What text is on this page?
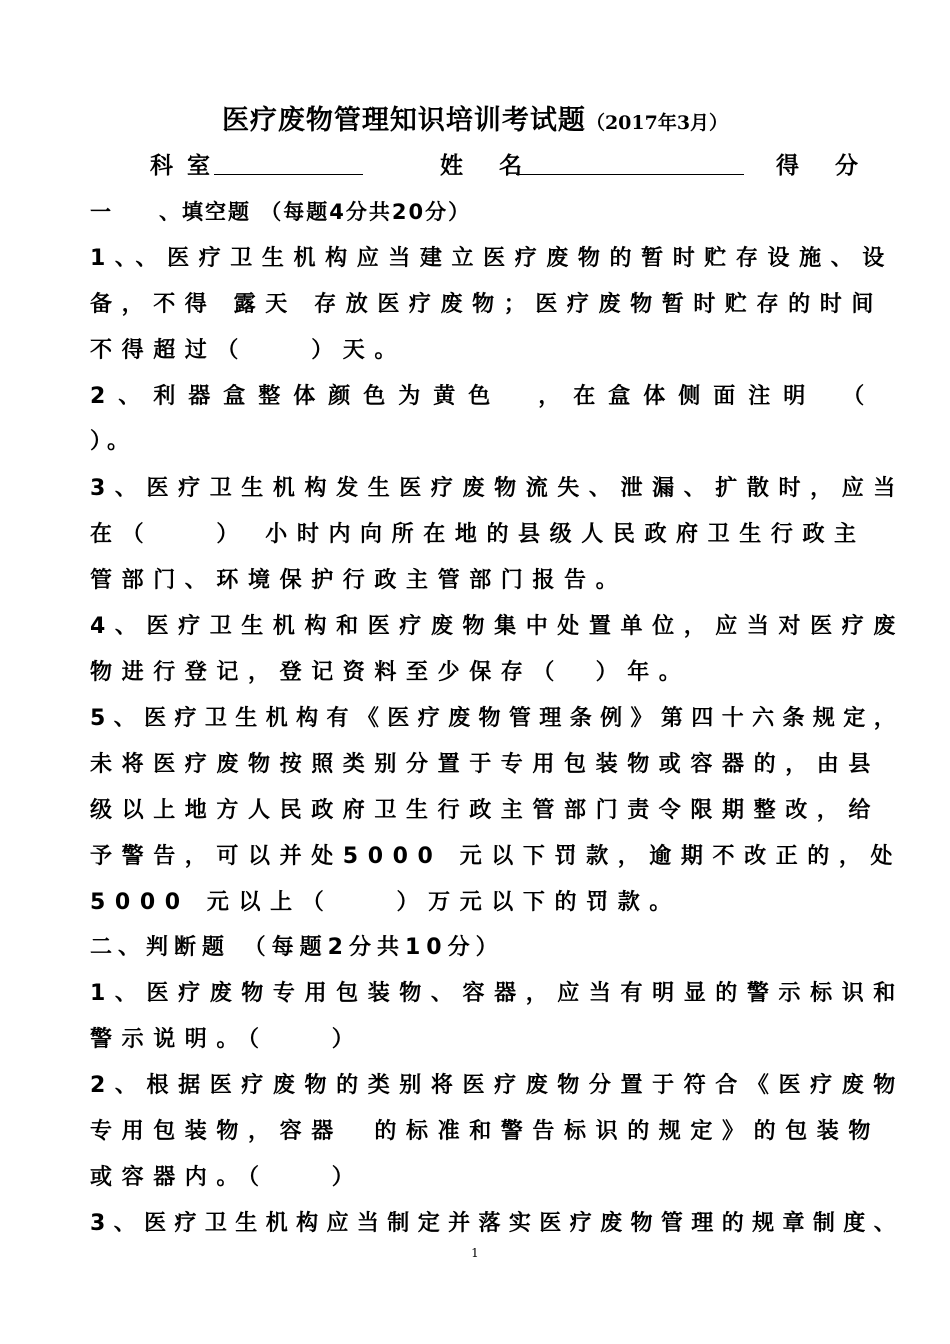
医疗废物管理知识培训考试题（2017年3月）
科室	姓 名	得 分
一　　、填空题 （每题4分共20分）
1、、医疗卫生机构应当建立医疗废物的暂时贮存设施、设
备，不得 露天 存放医疗废物；医疗废物暂时贮存的时间
不得超过（　　）天。
2、利器盒整体颜色为黄色　，在盒体侧面注明　（
）。
3、医疗卫生机构发生医疗废物流失、泄漏、扩散时，应当
在（　　） 小时内向所在地的县级人民政府卫生行政主
管部门、环境保护行政主管部门报告。
4、医疗卫生机构和医疗废物集中处置单位，应当对医疗废
物进行登记，登记资料至少保存（　）年。
5、医疗卫生机构有《医疗废物管理条例》第四十六条规定，
未将医疗废物按照类别分置于专用包装物或容器的，由县
级以上地方人民政府卫生行政主管部门责令限期整改，给
予警告，可以并处5000 元以下罚款，逾期不改正的，处
5000 元以上（　　）万元以下的罚款。
二、判断题 （每题2分共10分）
1、医疗废物专用包装物、容器，应当有明显的警示标识和
警示说明。（　　）
2、根据医疗废物的类别将医疗废物分置于符合《医疗废物
专用包装物，容器　的标准和警告标识的规定》的包装物
或容器内。（　　）
3、医疗卫生机构应当制定并落实医疗废物管理的规章制度、
1
